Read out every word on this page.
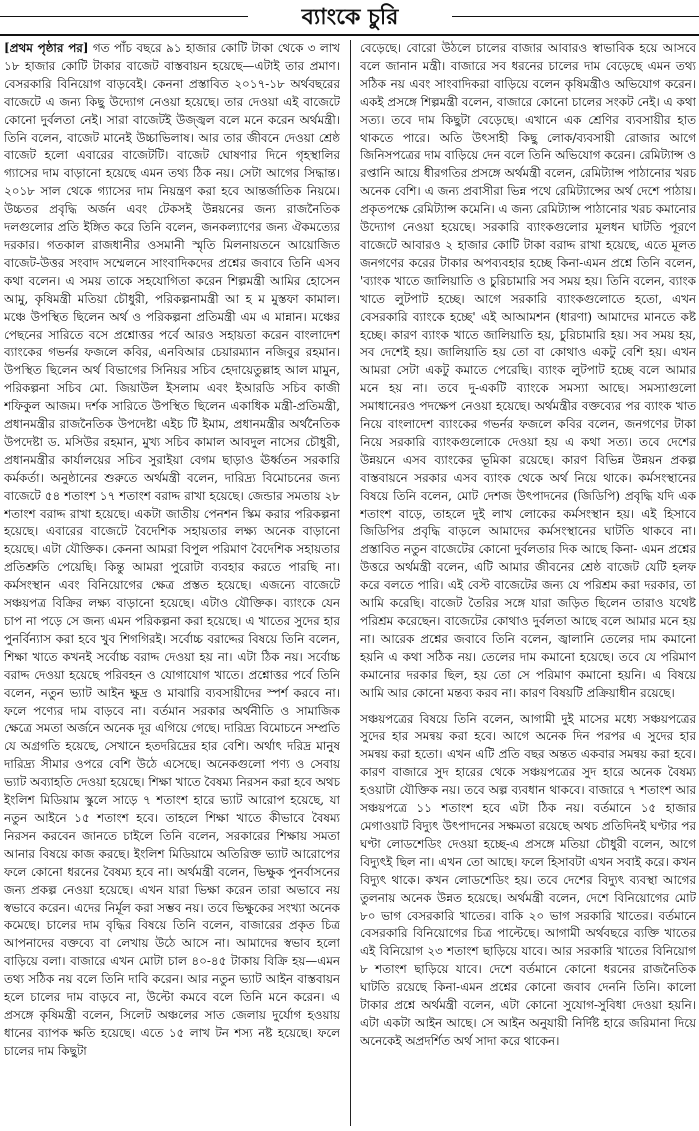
ব্যাংকে চুরি

[প্রথম পৃষ্ঠার পর] গত পাঁচ বছরে ৯১ হাজার কোটি টাকা থেকে ৩ লাখ ১৮ হাজার কোটি টাকার বাজেট বাস্তবায়ন হয়েছে—এটাই তার প্রমাণ। বেসরকারি বিনিয়োগ বাড়বেই। কেননা প্রস্তাবিত ২০১৭-১৮ অর্থবছরের বাজেটে এ জন্য কিছু উদ্যোগ নেওয়া হয়েছে। তার দেওয়া এই বাজেটে কোনো দুর্বলতা নেই। সারা বাজেটই উজ্জ্বল বলে মনে করেন অর্থমন্ত্রী। তিনি বলেন, বাজেট মানেই উচ্চাভিলাষ। আর তার জীবনে দেওয়া শ্রেষ্ঠ বাজেট হলো এবারের বাজেটটি। বাজেট ঘোষণার দিনে গৃহস্থালির গ্যাসের দাম বাড়ানো হয়েছে এমন তথ্য ঠিক নয়। সেটা আগের সিদ্ধান্ত। ২০১৮ সাল থেকে গ্যাসের দাম নিয়ন্ত্রণ করা হবে আন্তর্জাতিক নিয়মে। উচ্চতর প্রবৃদ্ধি অর্জন এবং টেকসই উন্নয়নের জন্য রাজনৈতিক দলগুলোর প্রতি ইঙ্গিত করে তিনি বলেন, জনকল্যাণের জন্য ঐকমত্যের দরকার। গতকাল রাজধানীর ওসমানী স্মৃতি মিলনায়তনে আয়োজিত বাজেট-উত্তর সংবাদ সম্মেলনে সাংবাদিকদের প্রশ্নের জবাবে তিনি এসব কথা বলেন। এ সময় তাকে সহযোগিতা করেন শিল্পমন্ত্রী আমির হোসেন আমু, কৃষিমন্ত্রী মতিয়া চৌধুরী, পরিকল্পনামন্ত্রী আ হ ম মুস্তফা কামাল। মঞ্চে উপস্থিত ছিলেন অর্থ ও পরিকল্পনা প্রতিমন্ত্রী এম এ মান্নান। মঞ্চের পেছনের সারিতে বসে প্রশ্নোত্তর পর্বে আরও সহায়তা করেন বাংলাদেশ ব্যাংকের গভর্নর ফজলে কবির, এনবিআর চেয়ারম্যান নজিবুর রহমান। উপস্থিত ছিলেন অর্থ বিভাগের সিনিয়র সচিব হেদায়েতুল্লাহ আল মামুন, পরিকল্পনা সচিব মো. জিয়াউল ইসলাম এবং ইআরডি সচিব কাজী শফিকুল আজম। দর্শক সারিতে উপস্থিত ছিলেন একাধিক মন্ত্রী-প্রতিমন্ত্রী, প্রধানমন্ত্রীর রাজনৈতিক উপদেষ্টা এইচ টি ইমাম, প্রধানমন্ত্রীর অর্থনৈতিক উপদেষ্টা ড. মসিউর রহমান, মুখ্য সচিব কামাল আবদুল নাসের চৌধুরী, প্রধানমন্ত্রীর কার্যালয়ের সচিব সুরাইয়া বেগম ছাড়াও ঊর্ধ্বতন সরকারি কর্মকর্তা। অনুষ্ঠানের শুরুতে অর্থমন্ত্রী বলেন, দারিদ্র্য বিমোচনের জন্য বাজেটে ৫৪ শতাংশ ১৭ শতাংশ বরাদ্দ রাখা হয়েছে। জেন্ডার সমতায় ২৮ শতাংশ বরাদ্দ রাখা হয়েছে। একটা জাতীয় পেনশন স্কিম করার পরিকল্পনা হয়েছে। এবারের বাজেটে বৈদেশিক সহায়তার লক্ষ্য অনেক বাড়ানো হয়েছে। এটা যৌক্তিক। কেননা আমরা বিপুল পরিমাণ বৈদেশিক সহায়তার প্রতিশ্রুতি পেয়েছি। কিন্তু আমরা পুরোটা ব্যবহার করতে পারছি না। কর্মসংস্থান এবং বিনিয়োগের ক্ষেত্র প্রস্তত হয়েছে। এজন্যে বাজেটে সঞ্চয়পত্র বিক্রির লক্ষ্য বাড়ানো হয়েছে। এটাও যৌক্তিক। ব্যাংকে যেন চাপ না পড়ে সে জন্য এমন পরিকল্পনা করা হয়েছে। এ খাতের সুদের হার পুনর্বিন্যাস করা হবে খুব শিগগিরই। সর্বোচ্চ বরাদ্দের বিষয়ে তিনি বলেন, শিক্ষা খাতে কখনই সর্বোচ্চ বরাদ্দ দেওয়া হয় না। এটা ঠিক নয়। সর্বোচ্চ বরাদ্দ দেওয়া হয়েছে পরিবহন ও যোগাযোগ খাতে। প্রশ্নোত্তর পর্বে তিনি বলেন, নতুন ভ্যাট আইন ক্ষুদ্র ও মাঝারি ব্যবসায়ীদের স্পর্শ করবে না। ফলে পণ্যের দাম বাড়বে না। বর্তমান সরকার অর্থনীতি ও সামাজিক ক্ষেত্রে সমতা অর্জনে অনেক দূর এগিয়ে গেছে। দারিদ্র্য বিমোচনে সম্প্রতি যে অগ্রগতি হয়েছে, সেখানে হতদরিদ্রের হার বেশি। অর্থাৎ দরিদ্র মানুষ দারিদ্র্য সীমার ওপরে বেশি উঠে এসেছে। অনেকগুলো পণ্য ও সেবায় ভ্যাট অব্যাহতি দেওয়া হয়েছে। শিক্ষা খাতে বৈষম্য নিরসন করা হবে অথচ ইংলিশ মিডিয়াম স্কুলে সাড়ে ৭ শতাংশ হারে ভ্যাট আরোপ হয়েছে, যা নতুন আইনে ১৫ শতাংশ হবে। তাহলে শিক্ষা খাতে কীভাবে বৈষম্য নিরসন করবেন জানতে চাইলে তিনি বলেন, সরকারের শিক্ষায় সমতা আনার বিষয়ে কাজ করছে। ইংলিশ মিডিয়ামে অতিরিক্ত ভ্যাট আরোপের ফলে কোনো ধরনের বৈষম্য হবে না। অর্থমন্ত্রী বলেন, ভিক্ষুক পুনর্বাসনের জন্য প্রকল্প নেওয়া হয়েছে। এখন যারা ভিক্ষা করেন তারা অভাবে নয় স্বভাবে করেন। এদের নির্মূল করা সম্ভব নয়। তবে ভিক্ষুকের সংখ্যা অনেক কমেছে। চালের দাম বৃদ্ধির বিষয়ে তিনি বলেন, বাজারের প্রকৃত চিত্র আপনাদের বক্তব্যে বা লেখায় উঠে আসে না। আমাদের স্বভাব হলো বাড়িয়ে বলা। বাজারে এখন মোটা চাল ৪০-৪৫ টাকায় বিক্রি হয়—এমন তথ্য সঠিক নয় বলে তিনি দাবি করেন। আর নতুন ভ্যাট আইন বাস্তবায়ন হলে চালের দাম বাড়বে না, উল্টো কমবে বলে তিনি মনে করেন। এ প্রসঙ্গে কৃষিমন্ত্রী বলেন, সিলেট অঞ্চলের সাত জেলায় দুর্যোগ হওয়ায় ধানের ব্যাপক ক্ষতি হয়েছে। এতে ১৫ লাখ টন শস্য নষ্ট হয়েছে। ফলে চালের দাম কিছুটা

বেড়েছে। বোরো উঠলে চালের বাজার আবারও স্বাভাবিক হয়ে আসবে বলে জানান মন্ত্রী। বাজারে সব ধরনের চালের দাম বেড়েছে এমন তথ্য সঠিক নয় এবং সাংবাদিকরা বাড়িয়ে বলেন কৃষিমন্ত্রীও অভিযোগ করেন। একই প্রসঙ্গে শিল্পমন্ত্রী বলেন, বাজারে কোনো চালের সংকট নেই। এ কথা সত্য। তবে দাম কিছুটা বেড়েছে। এখানে এক শ্রেণির ব্যবসায়ীর হাত থাকতে পারে। অতি উৎসাহী কিছু লোক/ব্যবসায়ী রোজার আগে জিনিসপত্রের দাম বাড়িয়ে দেন বলে তিনি অভিযোগ করেন। রেমিট্যান্স ও রপ্তানি আয়ে ধীরগতির প্রসঙ্গে অর্থমন্ত্রী বলেন, রেমিট্যান্স পাঠানোর খরচ অনেক বেশি। এ জন্য প্রবাসীরা ভিন্ন পথে রেমিট্যান্সের অর্থ দেশে পাঠায়। প্রকৃতপক্ষে রেমিট্যান্স কমেনি। এ জন্য রেমিট্যান্স পাঠানোর খরচ কমানোর উদ্যোগ নেওয়া হয়েছে। সরকারি ব্যাংকগুলোর মূলধন ঘাটতি পূরণে বাজেটে আবারও ২ হাজার কোটি টাকা বরাদ্দ রাখা হয়েছে, এতে মূলত জনগণের করের টাকার অপব্যবহার হচ্ছে কিনা-এমন প্রশ্নে তিনি বলেন, 'ব্যাংক খাতে জালিয়াতি ও চুরিচামারি সব সময় হয়। তিনি বলেন, ব্যাংক খাতে লুটপাট হচ্ছে। আগে সরকারি ব্যাংকগুলোতে হতো, এখন বেসরকারি ব্যাংকে হচ্ছে' এই আআমশন (ধারণা) আমাদের মানতে কষ্ট হচ্ছে। কারণ ব্যাংক খাতে জালিয়াতি হয়, চুরিচামারি হয়। সব সময় হয়, সব দেশেই হয়। জালিয়াতি হয় তো বা কোথাও একটু বেশি হয়। এখন আমরা সেটা একটু কমাতে পেরেছি। ব্যাংক লুটপাট হচ্ছে বলে আমার মনে হয় না। তবে দু-একটি ব্যাংকে সমস্যা আছে। সমস্যাগুলো সমাধানেরও পদক্ষেপ নেওয়া হয়েছে। অর্থমন্ত্রীর বক্তব্যের পর ব্যাংক খাত নিয়ে বাংলাদেশ ব্যাংকের গভর্নর ফজলে কবির বলেন, জনগণের টাকা নিয়ে সরকারি ব্যাংকগুলোকে দেওয়া হয় এ কথা সত্য। তবে দেশের উন্নয়নে এসব ব্যাংকের ভূমিকা রয়েছে। কারণ বিভিন্ন উন্নয়ন প্রকল্প বাস্তবায়নে সরকার এসব ব্যাংক থেকে অর্থ নিয়ে থাকে। কর্মসংস্থানের বিষয়ে তিনি বলেন, মোট দেশজ উৎপাদনের (জিডিপি) প্রবৃদ্ধি যদি এক শতাংশ বাড়ে, তাহলে দুই লাখ লোকের কর্মসংস্থান হয়। এই হিসাবে জিডিপির প্রবৃদ্ধি বাড়লে আমাদের কর্মসংস্থানের ঘাটতি থাকবে না। প্রস্তাবিত নতুন বাজেটের কোনো দুর্বলতার দিক আছে কিনা- এমন প্রশ্নের উত্তরে অর্থমন্ত্রী বলেন, এটি আমার জীবনের শ্রেষ্ঠ বাজেট যেটি হলফ করে বলতে পারি। এই বেস্ট বাজেটের জন্য যে পরিশ্রম করা দরকার, তা আমি করেছি। বাজেট তৈরির সঙ্গে যারা জড়িত ছিলেন তারাও যথেষ্ট পরিশ্রম করেছেন। বাজেটের কোথাও দুর্বলতা আছে বলে আমার মনে হয় না। আরেক প্রশ্নের জবাবে তিনি বলেন, জ্বালানি তেলের দাম কমানো হয়নি এ কথা সঠিক নয়। তেলের দাম কমানো হয়েছে। তবে যে পরিমাণ কমানোর দরকার ছিল, হয় তো সে পরিমাণ কমানো হয়নি। এ বিষয়ে আমি আর কোনো মন্তব্য করব না। কারণ বিষয়টি প্রক্রিয়াধীন রয়েছে।

সঞ্চয়পত্রের বিষয়ে তিনি বলেন, আগামী দুই মাসের মধ্যে সঞ্চয়পত্রের সুদের হার সমন্বয় করা হবে। আগে অনেক দিন পরপর এ সুদের হার সমন্বয় করা হতো। এখন এটি প্রতি বছর অন্তত একবার সমন্বয় করা হবে। কারণ বাজারে সুদ হারের থেকে সঞ্চয়পত্রের সুদ হারে অনেক বৈষম্য হওয়াটা যৌক্তিক নয়। তবে অল্প ব্যবধান থাকবে। বাজারে ৭ শতাংশ আর সঞ্চয়পত্রে ১১ শতাংশ হবে এটা ঠিক নয়। বর্তমানে ১৫ হাজার মেগাওয়াট বিদ্যুৎ উৎপাদনের সক্ষমতা রয়েছে অথচ প্রতিদিনই ঘণ্টার পর ঘণ্টা লোডশেডিং দেওয়া হচ্ছে-এ প্রসঙ্গে মতিয়া চৌধুরী বলেন, আগে বিদ্যুৎই ছিল না। এখন তো আছে। ফলে হিসাবটা এখন সবাই করে। কখন বিদ্যুৎ থাকে। কখন লোডশেডিং হয়। তবে দেশের বিদ্যুৎ ব্যবস্থা আগের তুলনায় অনেক উন্নত হয়েছে। অর্থমন্ত্রী বলেন, দেশে বিনিয়োগের মোট ৮০ ভাগ বেসরকারি খাতের। বাকি ২০ ভাগ সরকারি খাতের। বর্তমানে বেসরকারি বিনিয়োগের চিত্র পাল্টেছে। আগামী অর্থবছরে ব্যক্তি খাতের এই বিনিয়োগ ২৩ শতাংশ ছাড়িয়ে যাবে। আর সরকারি খাতের বিনিয়োগ ৮ শতাংশ ছাড়িয়ে যাবে। দেশে বর্তমানে কোনো ধরনের রাজনৈতিক ঘাটতি রয়েছে কিনা-এমন প্রশ্নের কোনো জবাব দেননি তিনি। কালো টাকার প্রশ্নে অর্থমন্ত্রী বলেন, এটা কোনো সুযোগ-সুবিধা দেওয়া হয়নি। এটা একটা আইন আছে। সে আইন অনুযায়ী নির্দিষ্ট হারে জরিমানা দিয়ে অনেকেই অপ্রদর্শিত অর্থ সাদা করে থাকেন।
